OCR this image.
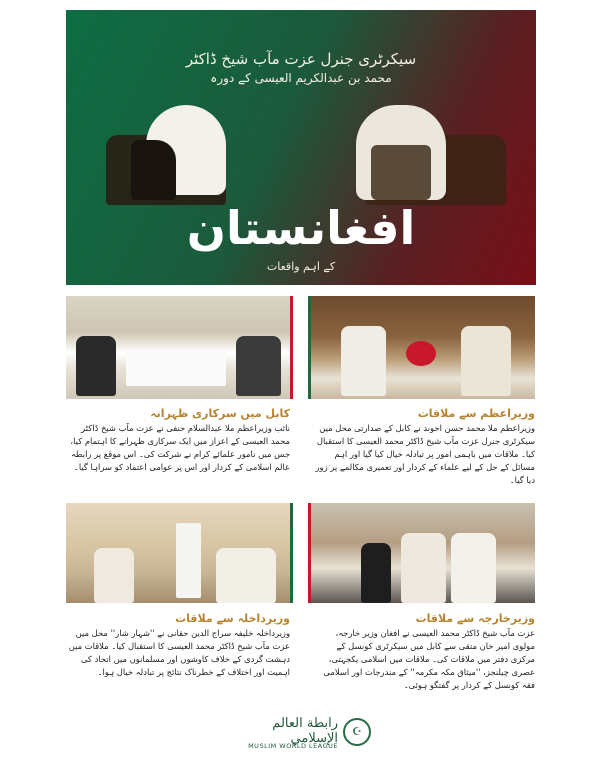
سیکرٹری جنرل عزت مآب شیخ ڈاکٹر
محمد بن عبدالکریم العیسی کے دورہ
افغانستان
کے اہم واقعات
کابل میں سرکاری ظہرانہ
نائب وزیراعظم ملا عبدالسلام حنفی نے عزت مآب شیخ ڈاکٹر محمد العیسی کے اعزاز میں ایک سرکاری ظہرانے کا اہتمام کیا، جس میں نامور علمائے کرام نے شرکت کی۔ اس موقع پر رابطہ عالم اسلامی کے کردار اور اس پر عوامی اعتماد کو سراہا گیا۔
وزیراعظم سے ملاقات
وزیراعظم ملا محمد حسن اخوند نے کابل کے صدارتی محل میں سیکرٹری جنرل عزت مآب شیخ ڈاکٹر محمد العیسی کا استقبال کیا۔ ملاقات میں باہمی امور پر تبادلہ خیال کیا گیا اور اہم مسائل کے حل کے لیے علماء کے کردار اور تعمیری مکالمے پر زور دیا گیا۔
وزیرداخلہ سے ملاقات
وزیرداخلہ خلیفہ سراج الدین حقانی نے ''شہار شار'' محل میں عزت مآب شیخ ڈاکٹر محمد العیسی کا استقبال کیا۔ ملاقات میں دہشت گردی کے خلاف کاوشوں اور مسلمانوں میں اتحاد کی اہمیت اور اختلاف کے خطرناک نتائج پر تبادلہ خیال ہوا۔
وزیرخارجہ سے ملاقات
عزت مآب شیخ ڈاکٹر محمد العیسی نے افغان وزیر خارجہ، مولوی امیر خان متقی سے کابل میں سیکرٹری کونسل کے مرکزی دفتر میں ملاقات کی۔ ملاقات میں اسلامی یکجہتی، عصری چیلنجز، ''میثاق مکہ مکرمہ'' کے مندرجات اور اسلامی فقہ کونسل کے کردار پر گفتگو ہوئی۔
رابطة العالم الإسلامي
MUSLIM WORLD LEAGUE
☪
